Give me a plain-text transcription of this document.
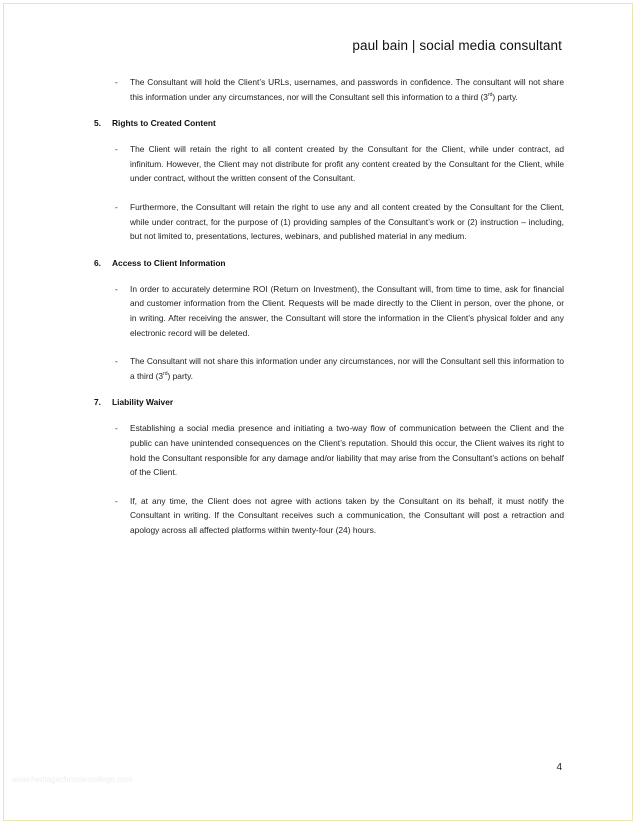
paul bain | social media consultant
-	The Consultant will hold the Client’s URLs, usernames, and passwords in confidence. The consultant will not share this information under any circumstances, nor will the Consultant sell this information to a third (3rd) party.
5.	Rights to Created Content
-	The Client will retain the right to all content created by the Consultant for the Client, while under contract, ad infinitum. However, the Client may not distribute for profit any content created by the Consultant for the Client, while under contract, without the written consent of the Consultant.
-	Furthermore, the Consultant will retain the right to use any and all content created by the Consultant for the Client, while under contract, for the purpose of (1) providing samples of the Consultant’s work or (2) instruction – including, but not limited to, presentations, lectures, webinars, and published material in any medium.
6.	Access to Client Information
-	In order to accurately determine ROI (Return on Investment), the Consultant will, from time to time, ask for financial and customer information from the Client. Requests will be made directly to the Client in person, over the phone, or in writing. After receiving the answer, the Consultant will store the information in the Client’s physical folder and any electronic record will be deleted.
-	The Consultant will not share this information under any circumstances, nor will the Consultant sell this information to a third (3rd) party.
7.	Liability Waiver
-	Establishing a social media presence and initiating a two-way flow of communication between the Client and the public can have unintended consequences on the Client’s reputation. Should this occur, the Client waives its right to hold the Consultant responsible for any damage and/or liability that may arise from the Consultant’s actions on behalf of the Client.
-	If, at any time, the Client does not agree with actions taken by the Consultant on its behalf, it must notify the Consultant in writing. If the Consultant receives such a communication, the Consultant will post a retraction and apology across all affected platforms within twenty-four (24) hours.
4
www.heritagechristiancollege.com
